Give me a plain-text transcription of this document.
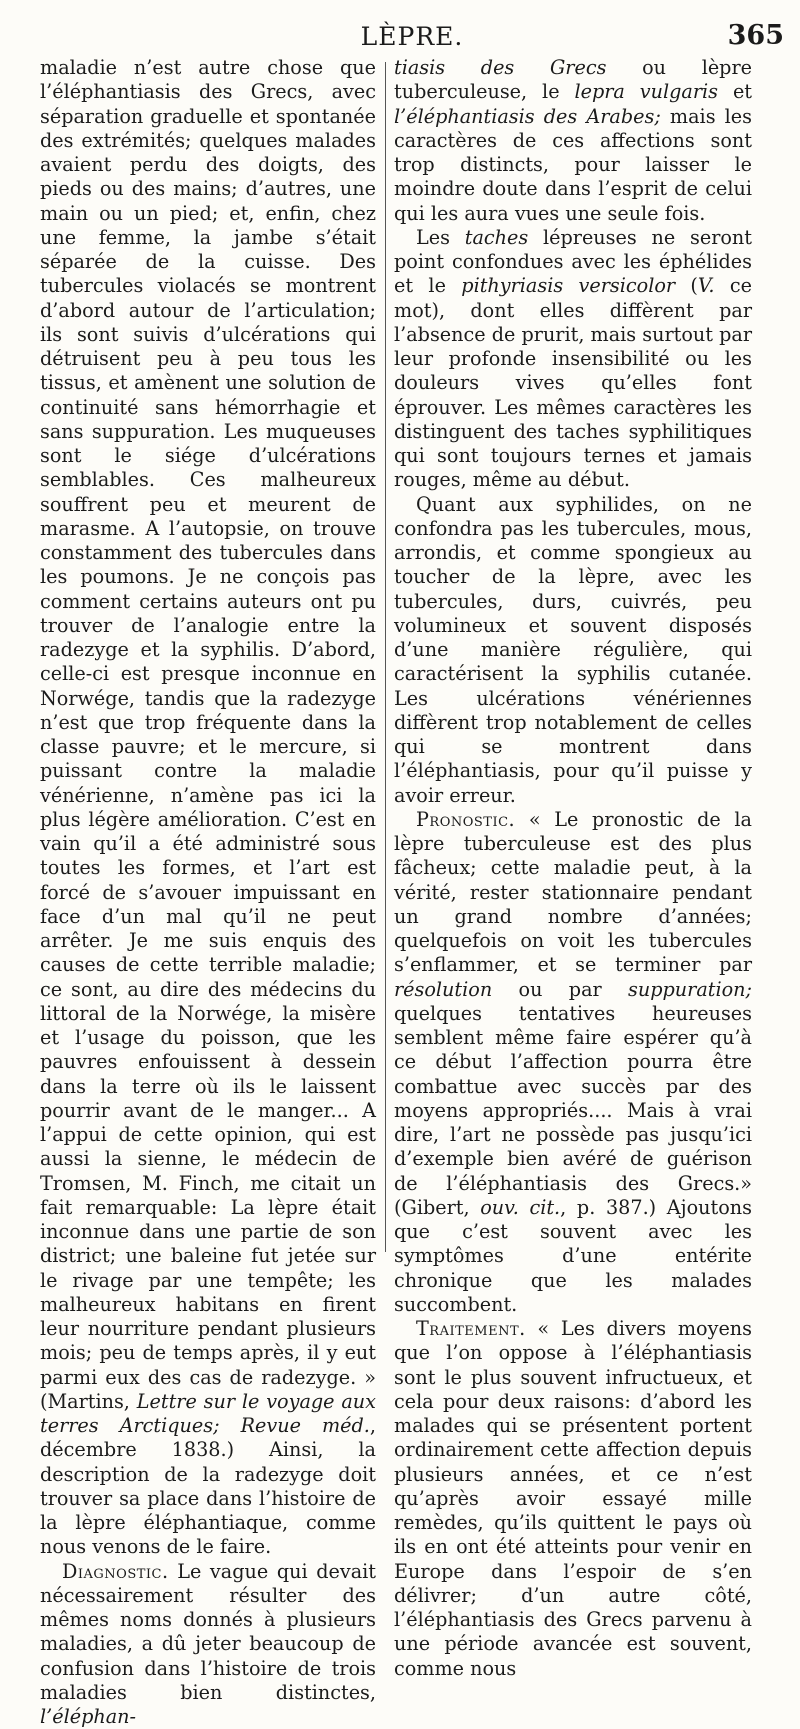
LÈPRE.	365

maladie n’est autre chose que l’éléphantiasis des Grecs, avec séparation graduelle et spontanée des extrémités; quelques malades avaient perdu des doigts, des pieds ou des mains; d’autres, une main ou un pied; et, enfin, chez une femme, la jambe s’était séparée de la cuisse. Des tubercules violacés se montrent d’abord autour de l’articulation; ils sont suivis d’ulcérations qui détruisent peu à peu tous les tissus, et amènent une solution de continuité sans hémorrhagie et sans suppuration. Les muqueuses sont le siége d’ulcérations semblables. Ces malheureux souffrent peu et meurent de marasme. A l’autopsie, on trouve constamment des tubercules dans les poumons. Je ne conçois pas comment certains auteurs ont pu trouver de l’analogie entre la radezyge et la syphilis. D’abord, celle-ci est presque inconnue en Norwége, tandis que la radezyge n’est que trop fréquente dans la classe pauvre; et le mercure, si puissant contre la maladie vénérienne, n’amène pas ici la plus légère amélioration. C’est en vain qu’il a été administré sous toutes les formes, et l’art est forcé de s’avouer impuissant en face d’un mal qu’il ne peut arrêter. Je me suis enquis des causes de cette terrible maladie; ce sont, au dire des médecins du littoral de la Norwége, la misère et l’usage du poisson, que les pauvres enfouissent à dessein dans la terre où ils le laissent pourrir avant de le manger... A l’appui de cette opinion, qui est aussi la sienne, le médecin de Tromsen, M. Finch, me citait un fait remarquable: La lèpre était inconnue dans une partie de son district; une baleine fut jetée sur le rivage par une tempête; les malheureux habitans en firent leur nourriture pendant plusieurs mois; peu de temps après, il y eut parmi eux des cas de radezyge. » (Martins, Lettre sur le voyage aux terres Arctiques; Revue méd., décembre 1838.) Ainsi, la description de la radezyge doit trouver sa place dans l’histoire de la lèpre éléphantiaque, comme nous venons de le faire.

Diagnostic. Le vague qui devait nécessairement résulter des mêmes noms donnés à plusieurs maladies, a dû jeter beaucoup de confusion dans l’histoire de trois maladies bien distinctes, l’éléphan-

tiasis des Grecs ou lèpre tuberculeuse, le lepra vulgaris et l’éléphantiasis des Arabes; mais les caractères de ces affections sont trop distincts, pour laisser le moindre doute dans l’esprit de celui qui les aura vues une seule fois.

Les taches lépreuses ne seront point confondues avec les éphélides et le pithyriasis versicolor (V. ce mot), dont elles diffèrent par l’absence de prurit, mais surtout par leur profonde insensibilité ou les douleurs vives qu’elles font éprouver. Les mêmes caractères les distinguent des taches syphilitiques qui sont toujours ternes et jamais rouges, même au début.

Quant aux syphilides, on ne confondra pas les tubercules, mous, arrondis, et comme spongieux au toucher de la lèpre, avec les tubercules, durs, cuivrés, peu volumineux et souvent disposés d’une manière régulière, qui caractérisent la syphilis cutanée. Les ulcérations vénériennes diffèrent trop notablement de celles qui se montrent dans l’éléphantiasis, pour qu’il puisse y avoir erreur.

Pronostic. « Le pronostic de la lèpre tuberculeuse est des plus fâcheux; cette maladie peut, à la vérité, rester stationnaire pendant un grand nombre d’années; quelquefois on voit les tubercules s’enflammer, et se terminer par résolution ou par suppuration; quelques tentatives heureuses semblent même faire espérer qu’à ce début l’affection pourra être combattue avec succès par des moyens appropriés.... Mais à vrai dire, l’art ne possède pas jusqu’ici d’exemple bien avéré de guérison de l’éléphantiasis des Grecs.» (Gibert, ouv. cit., p. 387.) Ajoutons que c’est souvent avec les symptômes d’une entérite chronique que les malades succombent.

Traitement. « Les divers moyens que l’on oppose à l’éléphantiasis sont le plus souvent infructueux, et cela pour deux raisons: d’abord les malades qui se présentent portent ordinairement cette affection depuis plusieurs années, et ce n’est qu’après avoir essayé mille remèdes, qu’ils quittent le pays où ils en ont été atteints pour venir en Europe dans l’espoir de s’en délivrer; d’un autre côté, l’éléphantiasis des Grecs parvenu à une période avancée est souvent, comme nous
